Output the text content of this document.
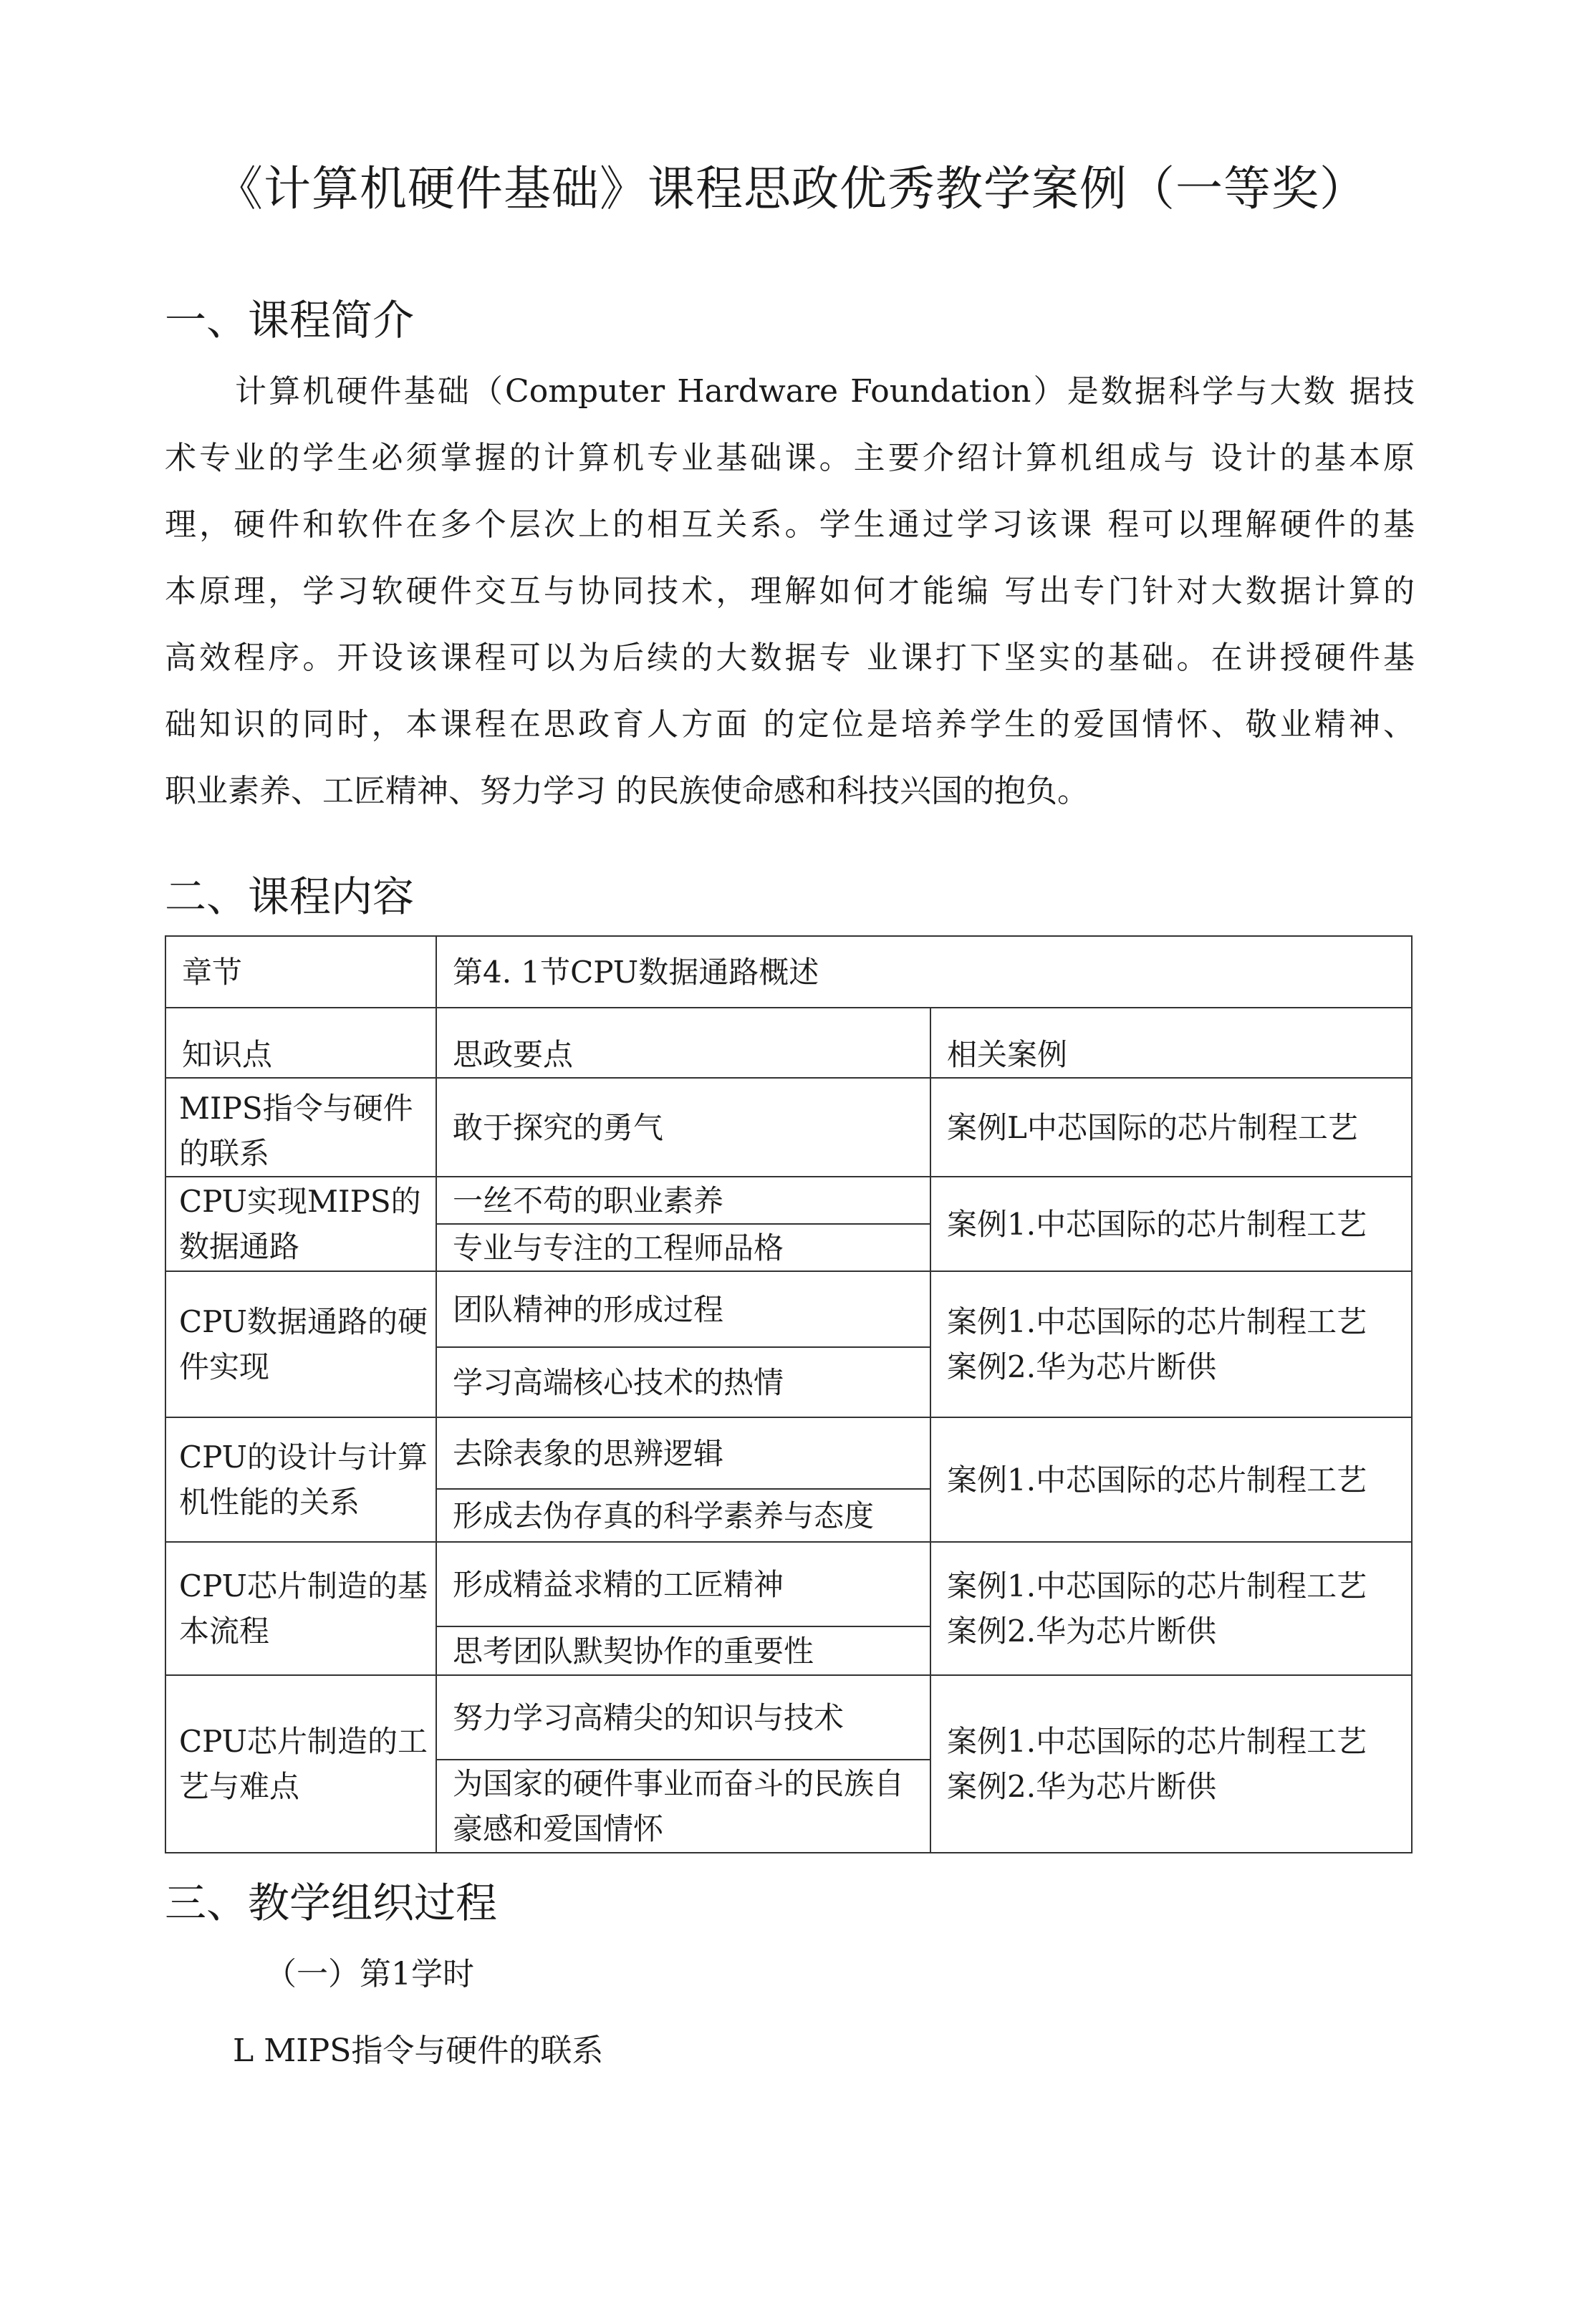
《计算机硬件基础》课程思政优秀教学案例（一等奖）
一、课程简介
计算机硬件基础（Computer Hardware Foundation）是数据科学与大数 据技
术专业的学生必须掌握的计算机专业基础课。主要介绍计算机组成与 设计的基本原
理，硬件和软件在多个层次上的相互关系。学生通过学习该课 程可以理解硬件的基
本原理，学习软硬件交互与协同技术，理解如何才能编 写出专门针对大数据计算的
高效程序。开设该课程可以为后续的大数据专 业课打下坚实的基础。在讲授硬件基
础知识的同时，本课程在思政育人方面 的定位是培养学生的爱国情怀、敬业精神、
职业素养、工匠精神、努力学习 的民族使命感和科技兴国的抱负。
二、课程内容
章节	第4. 1节CPU数据通路概述	
知识点	思政要点	相关案例
MIPS指令与硬件 的联系	敢于探究的勇气	案例L中芯国际的芯片制程工艺
CPU实现MIPS的 数据通路	一丝不苟的职业素养	案例1.中芯国际的芯片制程工艺
	专业与专注的工程师品格	
CPU数据通路的硬件实现	团队精神的形成过程	案例1.中芯国际的芯片制程工艺 案例2.华为芯片断供
	学习高端核心技术的热情	
CPU的设计与计算机性能的关系	去除表象的思辨逻辑	案例1.中芯国际的芯片制程工艺
	形成去伪存真的科学素养与态度	
CPU芯片制造的基本流程	形成精益求精的工匠精神	案例1.中芯国际的芯片制程工艺 案例2.华为芯片断供
	思考团队默契协作的重要性	
CPU芯片制造的工艺与难点	努力学习高精尖的知识与技术	案例1.中芯国际的芯片制程工艺 案例2.华为芯片断供
	为国家的硬件事业而奋斗的民族自豪感和爱国情怀	
三、教学组织过程
（一）第1学时
L MIPS指令与硬件的联系
